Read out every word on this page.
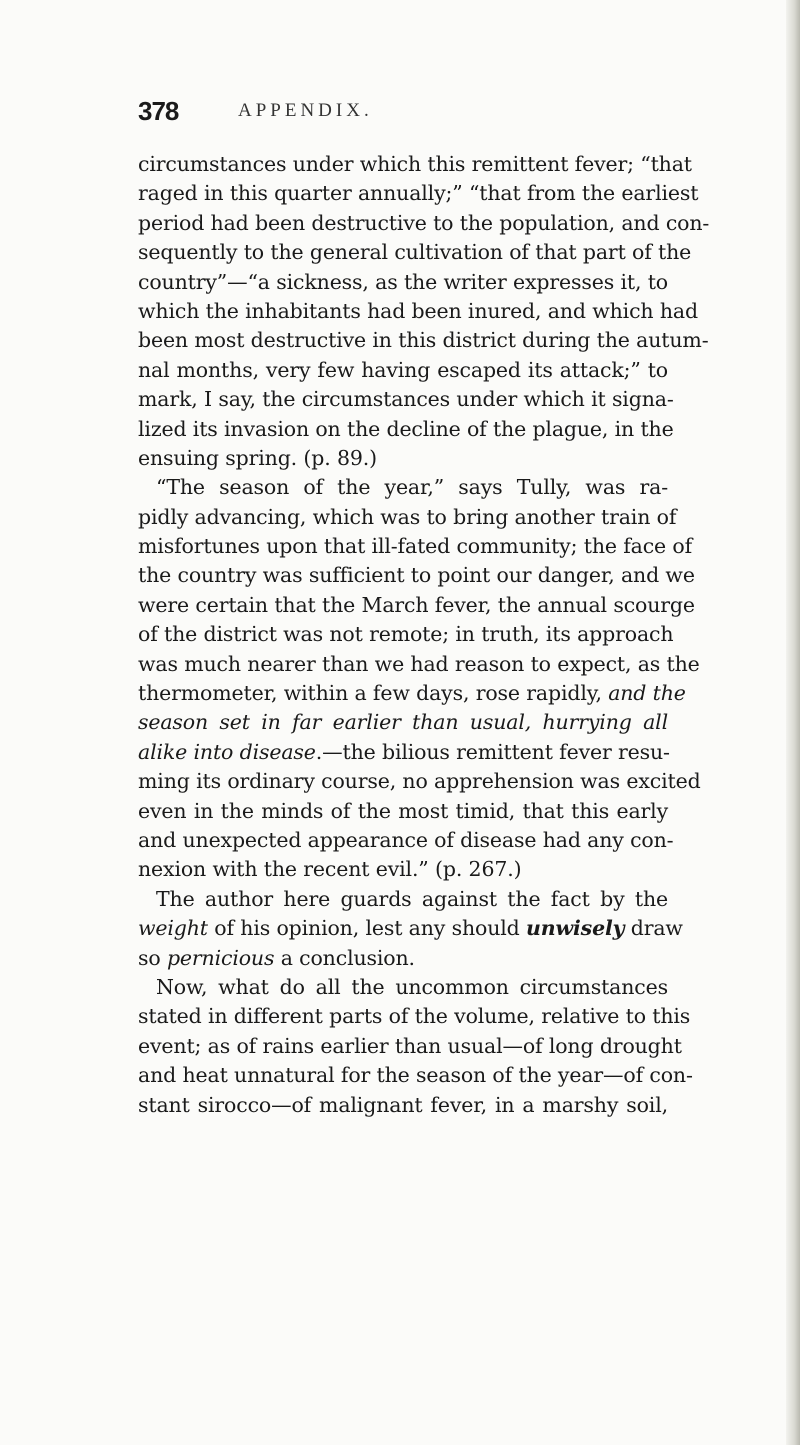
378	APPENDIX.
circumstances under which this remittent fever; “that
raged in this quarter annually;” “that from the earliest
period had been destructive to the population, and con-
sequently to the general cultivation of that part of the
country”—“a sickness, as the writer expresses it, to
which the inhabitants had been inured, and which had
been most destructive in this district during the autum-
nal months, very few having escaped its attack;” to
mark, I say, the circumstances under which it signa-
lized its invasion on the decline of the plague, in the
ensuing spring. (p. 89.)
“The season of the year,” says Tully, was ra-
pidly advancing, which was to bring another train of
misfortunes upon that ill-fated community; the face of
the country was sufficient to point our danger, and we
were certain that the March fever, the annual scourge
of the district was not remote; in truth, its approach
was much nearer than we had reason to expect, as the
thermometer, within a few days, rose rapidly, and the
season set in far earlier than usual, hurrying all
alike into disease.—the bilious remittent fever resu-
ming its ordinary course, no apprehension was excited
even in the minds of the most timid, that this early
and unexpected appearance of disease had any con-
nexion with the recent evil.” (p. 267.)
The author here guards against the fact by the
weight of his opinion, lest any should unwisely draw
so pernicious a conclusion.
Now, what do all the uncommon circumstances
stated in different parts of the volume, relative to this
event; as of rains earlier than usual—of long drought
and heat unnatural for the season of the year—of con-
stant sirocco—of malignant fever, in a marshy soil,
